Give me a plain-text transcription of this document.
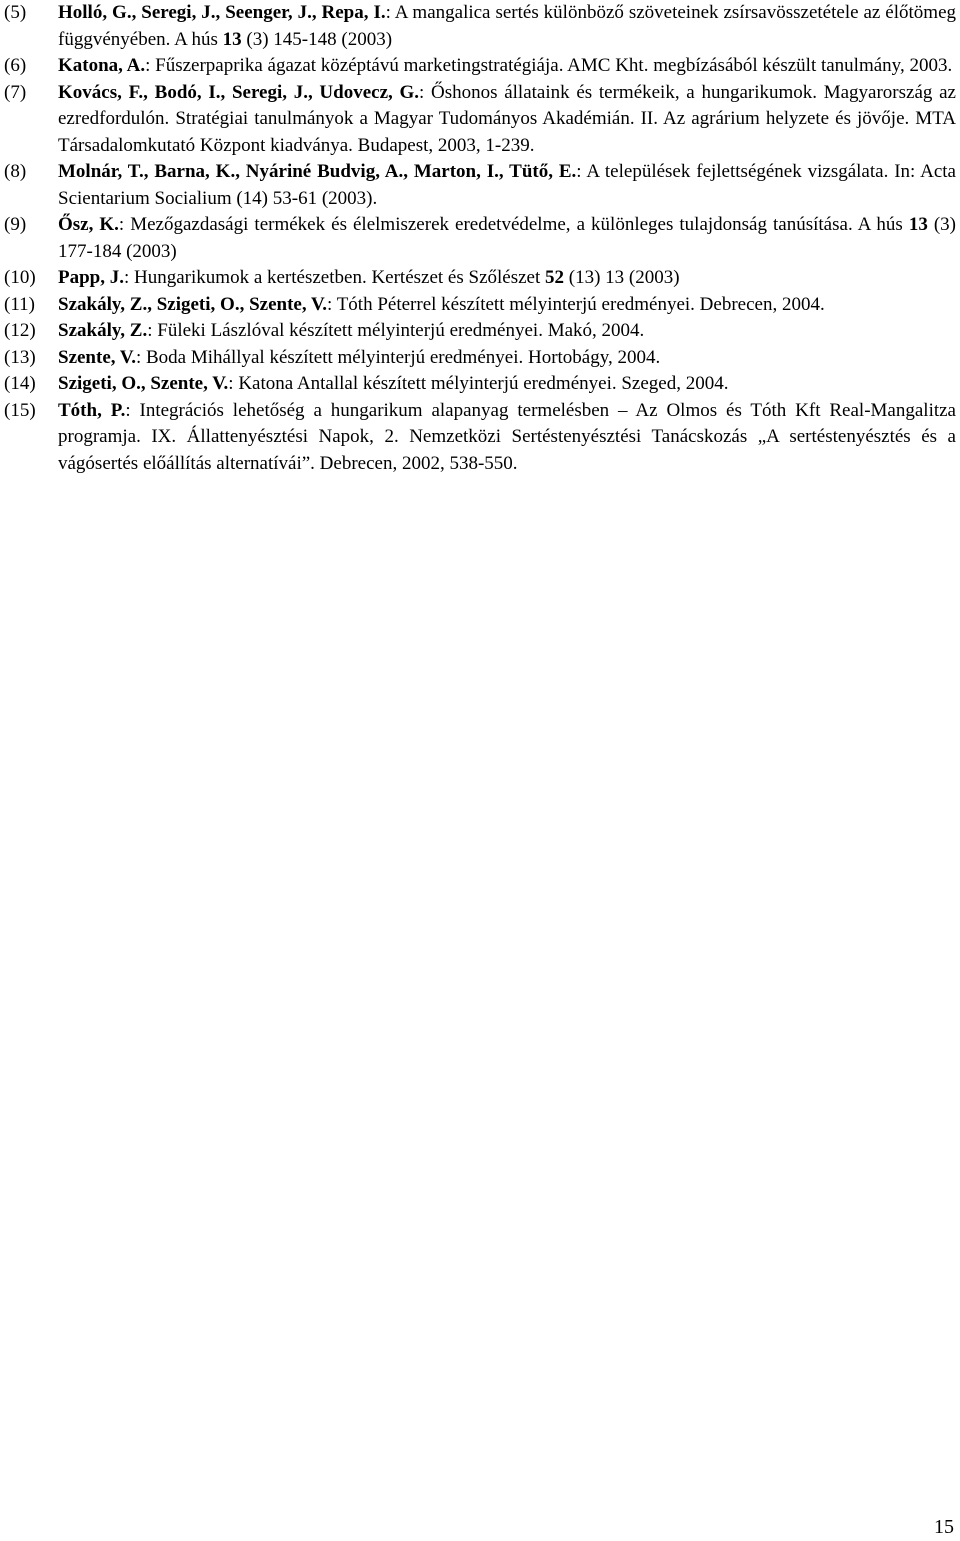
(5) Holló, G., Seregi, J., Seenger, J., Repa, I.: A mangalica sertés különböző szöveteinek zsírsavösszetétele az élőtömeg függvényében. A hús 13 (3) 145-148 (2003)
(6) Katona, A.: Fűszerpaprika ágazat középtávú marketingstratégiája. AMC Kht. megbízásából készült tanulmány, 2003.
(7) Kovács, F., Bodó, I., Seregi, J., Udovecz, G.: Őshonos állataink és termékeik, a hungarikumok. Magyarország az ezredfordulón. Stratégiai tanulmányok a Magyar Tudományos Akadémián. II. Az agrárium helyzete és jövője. MTA Társadalomkutató Központ kiadványa. Budapest, 2003, 1-239.
(8) Molnár, T., Barna, K., Nyáriné Budvig, A., Marton, I., Tütő, E.: A települések fejlettségének vizsgálata. In: Acta Scientarium Socialium (14) 53-61 (2003).
(9) Ősz, K.: Mezőgazdasági termékek és élelmiszerek eredetvédelme, a különleges tulajdonság tanúsítása. A hús 13 (3) 177-184 (2003)
(10) Papp, J.: Hungarikumok a kertészetben. Kertészet és Szőlészet 52 (13) 13 (2003)
(11) Szakály, Z., Szigeti, O., Szente, V.: Tóth Péterrel készített mélyinterjú eredményei. Debrecen, 2004.
(12) Szakály, Z.: Füleki Lászlóval készített mélyinterjú eredményei. Makó, 2004.
(13) Szente, V.: Boda Mihállyal készített mélyinterjú eredményei. Hortobágy, 2004.
(14) Szigeti, O., Szente, V.: Katona Antallal készített mélyinterjú eredményei. Szeged, 2004.
(15) Tóth, P.: Integrációs lehetőség a hungarikum alapanyag termelésben – Az Olmos és Tóth Kft Real-Mangalitza programja. IX. Állattenyésztési Napok, 2. Nemzetközi Sertéstenyésztési Tanácskozás „A sertéstenyésztés és a vágósertés előállítás alternatívái”. Debrecen, 2002, 538-550.
15
